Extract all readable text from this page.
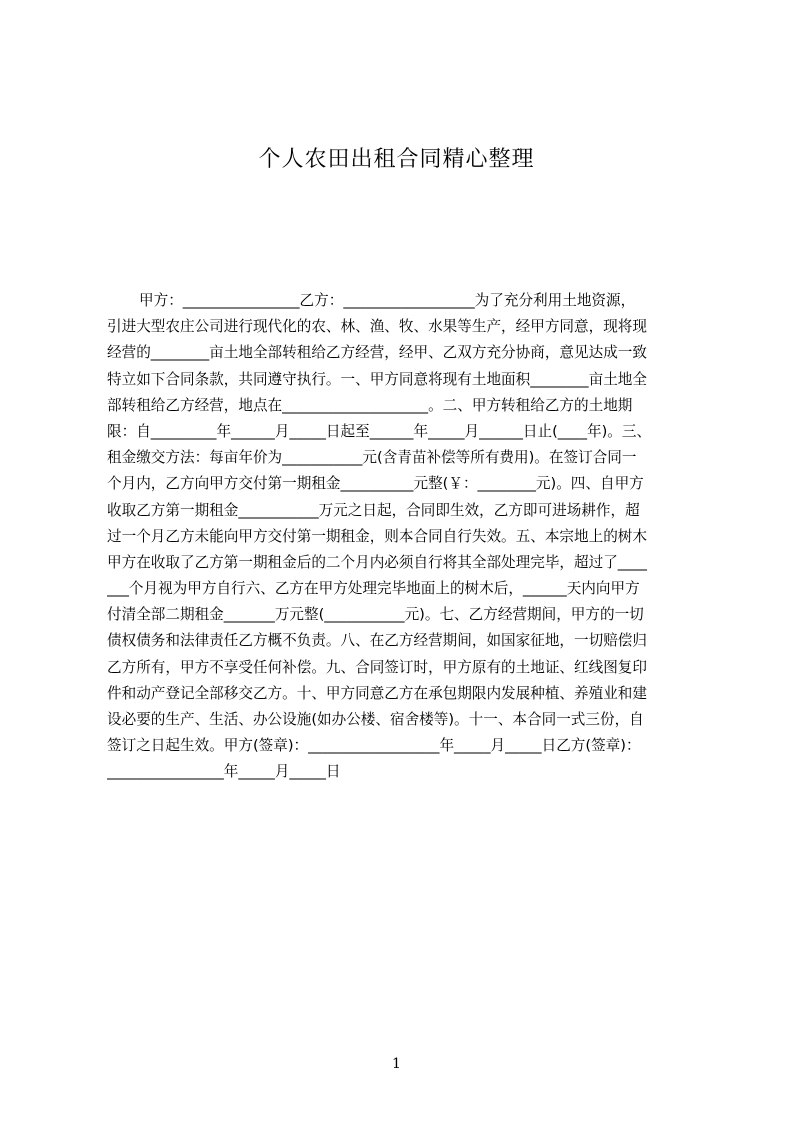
个人农田出租合同精心整理
甲方：________________乙方：__________________为了充分利用土地资源，
引进大型农庄公司进行现代化的农、林、渔、牧、水果等生产，经甲方同意，现将现
经营的________亩土地全部转租给乙方经营，经甲、乙双方充分协商，意见达成一致
特立如下合同条款，共同遵守执行。一、甲方同意将现有土地面积________亩土地全
部转租给乙方经营，地点在____________________。二、甲方转租给乙方的土地期
限：自_________年______月_____日起至______年_____月______日止(____年)。三、
租金缴交方法：每亩年价为___________元(含青苗补偿等所有费用)。在签订合同一
个月内，乙方向甲方交付第一期租金__________元整(￥：________元)。四、自甲方
收取乙方第一期租金___________万元之日起，合同即生效，乙方即可进场耕作，超
过一个月乙方未能向甲方交付第一期租金，则本合同自行失效。五、本宗地上的树木
甲方在收取了乙方第一期租金后的二个月内必须自行将其全部处理完毕，超过了____
___个月视为甲方自行六、乙方在甲方处理完毕地面上的树木后，______天内向甲方
付清全部二期租金_______万元整(___________元)。七、乙方经营期间，甲方的一切
债权债务和法律责任乙方概不负责。八、在乙方经营期间，如国家征地，一切赔偿归
乙方所有，甲方不享受任何补偿。九、合同签订时，甲方原有的土地证、红线图复印
件和动产登记全部移交乙方。十、甲方同意乙方在承包期限内发展种植、养殖业和建
设必要的生产、生活、办公设施(如办公楼、宿舍楼等)。十一、本合同一式三份，自
签订之日起生效。甲方(签章)：__________________年_____月_____日乙方(签章)：
________________年_____月_____日
1
